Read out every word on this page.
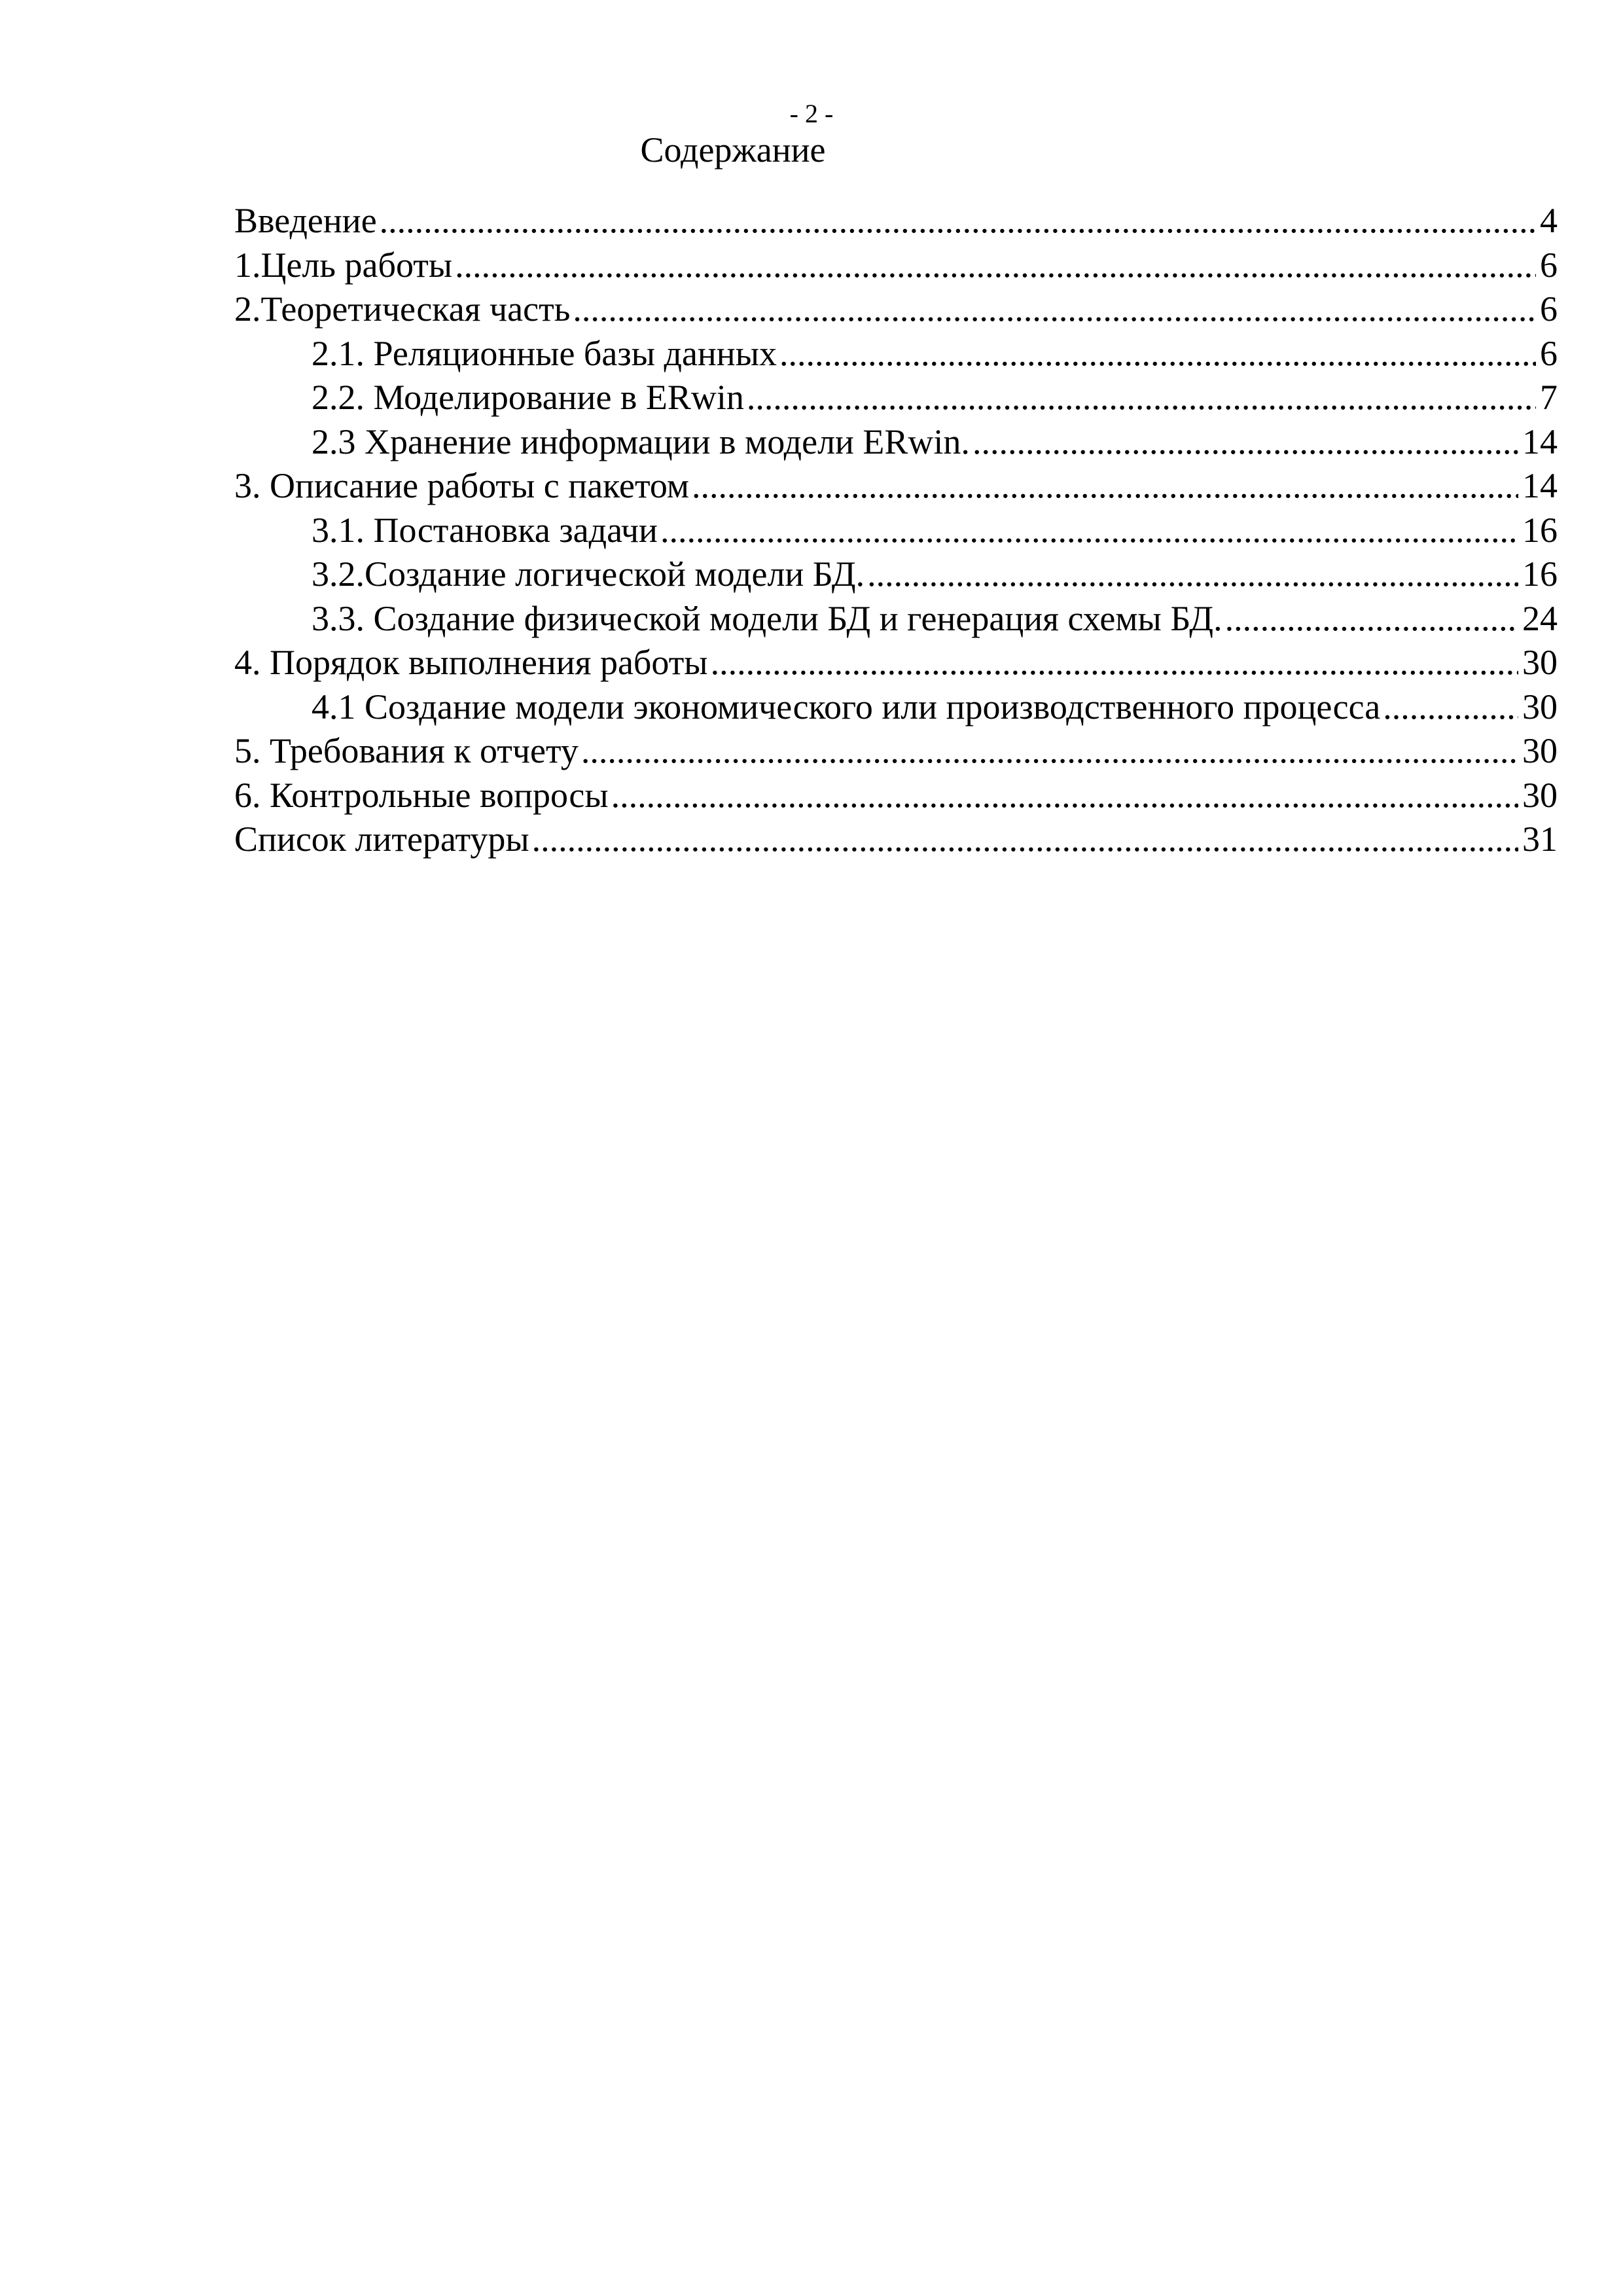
- 2 -
Содержание
Введение .....	4
1.Цель работы .....	6
2.Теоретическая часть .....	6
2.1. Реляционные базы данных .....	6
2.2. Моделирование в ERwin .....	7
2.3 Хранение информации в модели ERwin. .....	14
3. Описание работы с пакетом .....	14
3.1. Постановка задачи .....	16
3.2.Создание логической модели БД. .....	16
3.3. Создание физической модели БД и генерация схемы БД. .....	24
4. Порядок выполнения работы .....	30
4.1 Создание модели экономического или производственного процесса .....	30
5. Требования к отчету .....	30
6. Контрольные вопросы .....	30
Список литературы .....	31
